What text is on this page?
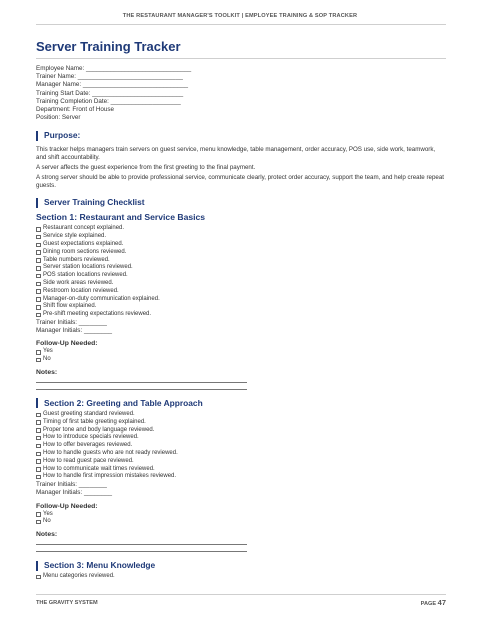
THE RESTAURANT MANAGER'S TOOLKIT | EMPLOYEE TRAINING & SOP TRACKER
Server Training Tracker
Employee Name: ______________________________
Trainer Name: ______________________________
Manager Name: ______________________________
Training Start Date: __________________________
Training Completion Date: ____________________
Department: Front of House
Position: Server
Purpose:
This tracker helps managers train servers on guest service, menu knowledge, table management, order accuracy, POS use, side work, teamwork, and shift accountability.
A server affects the guest experience from the first greeting to the final payment.
A strong server should be able to provide professional service, communicate clearly, protect order accuracy, support the team, and help create repeat guests.
Server Training Checklist
Section 1: Restaurant and Service Basics
Restaurant concept explained.
Service style explained.
Guest expectations explained.
Dining room sections reviewed.
Table numbers reviewed.
Server station locations reviewed.
POS station locations reviewed.
Side work areas reviewed.
Restroom location reviewed.
Manager-on-duty communication explained.
Shift flow explained.
Pre-shift meeting expectations reviewed.
Trainer Initials: ________
Manager Initials: ________
Follow-Up Needed:
Yes
No
Notes:
Section 2: Greeting and Table Approach
Guest greeting standard reviewed.
Timing of first table greeting explained.
Proper tone and body language reviewed.
How to introduce specials reviewed.
How to offer beverages reviewed.
How to handle guests who are not ready reviewed.
How to read guest pace reviewed.
How to communicate wait times reviewed.
How to handle first impression mistakes reviewed.
Trainer Initials: ________
Manager Initials: ________
Follow-Up Needed:
Yes
No
Notes:
Section 3: Menu Knowledge
Menu categories reviewed.
THE GRAVITY SYSTEM	PAGE 47
